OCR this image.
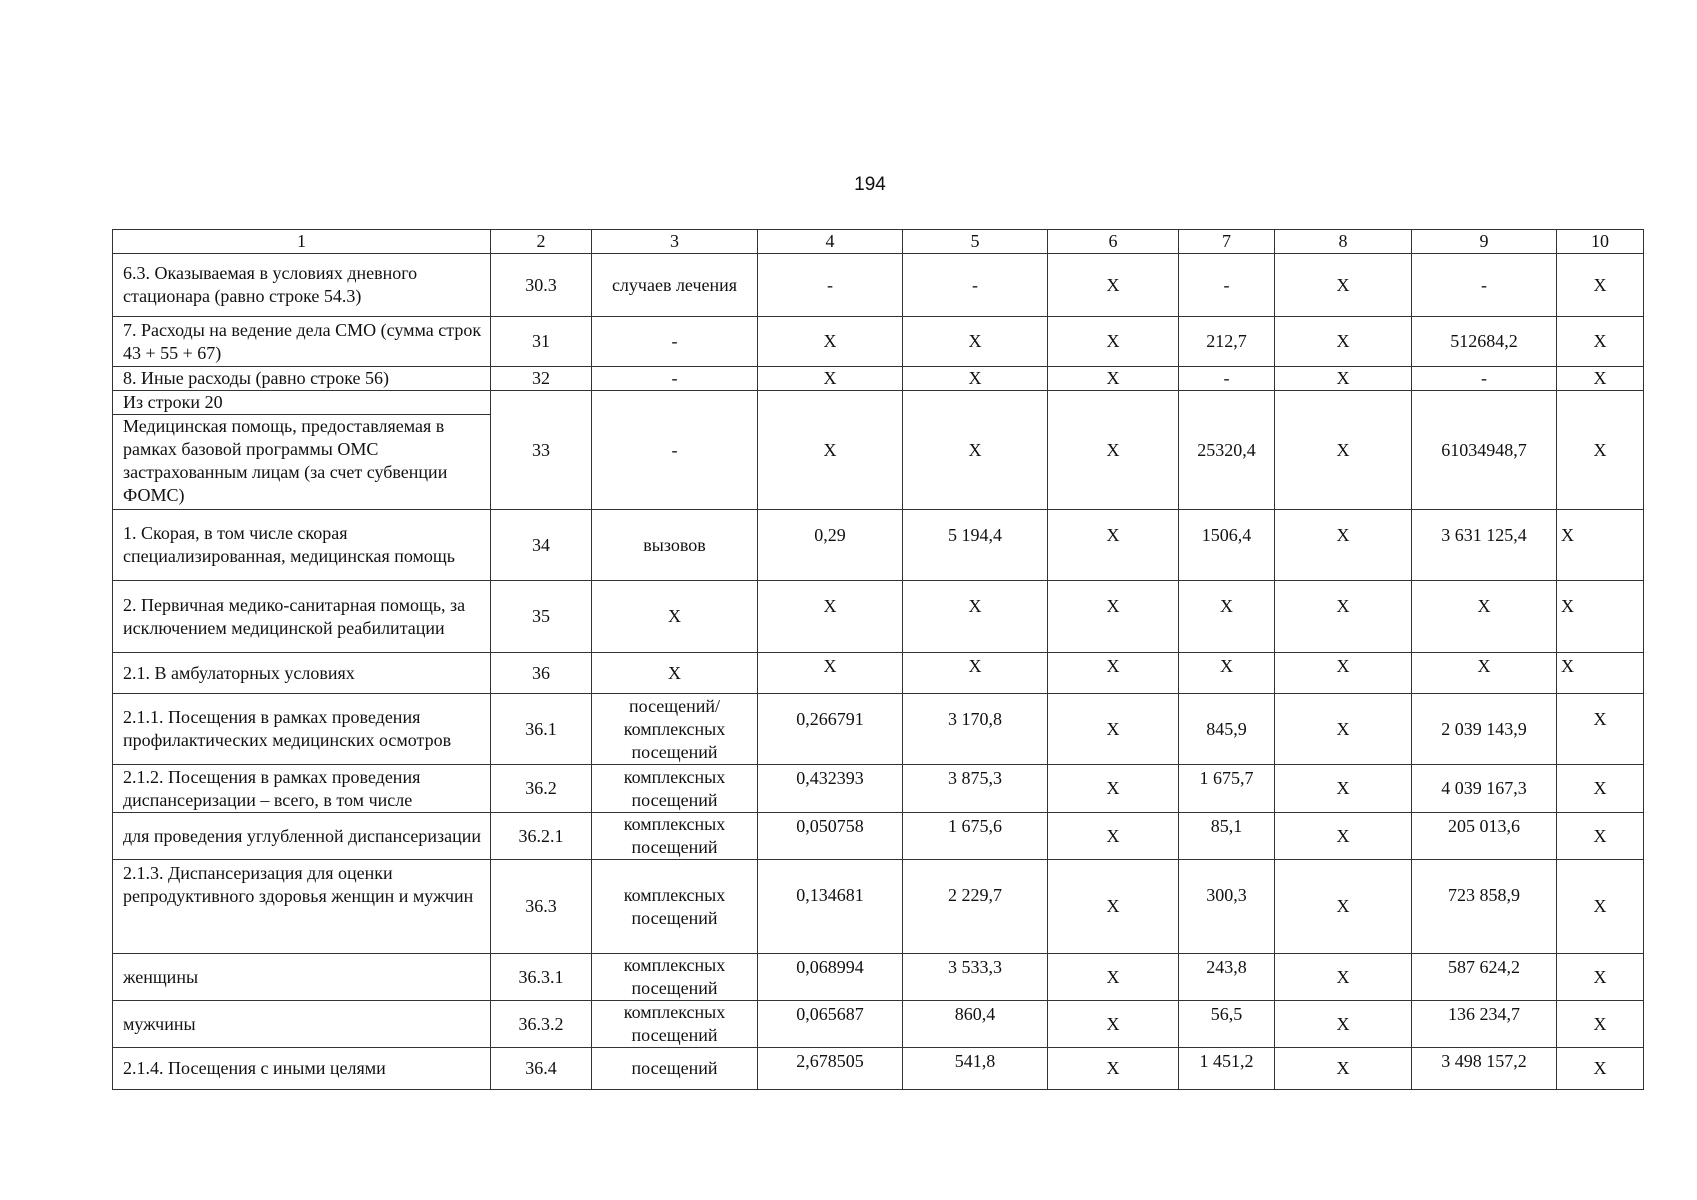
194
1	2	3	4	5	6	7	8	9	10
6.3. Оказываемая в условиях дневного стационара (равно строке 54.3)	30.3	случаев лечения	-	-	Х	-	Х	-	Х
7. Расходы на ведение дела СМО (сумма строк 43 + 55 + 67)	31	-	Х	Х	Х	212,7	Х	512684,2	Х
8. Иные расходы (равно строке 56)	32	-	Х	Х	Х	-	Х	-	Х

Из строки 20
Медицинская помощь, предоставляемая в рамках базовой программы ОМС застрахованным лицам (за счет субвенции ФОМС)	33	-	Х	Х	Х	25320,4	Х	61034948,7	Х
1. Скорая, в том числе скорая специализированная, медицинская помощь	34	вызовов	0,29	5 194,4	Х	1506,4	Х	3 631 125,4	Х
2. Первичная медико-санитарная помощь, за исключением медицинской реабилитации	35	Х	Х	Х	Х	Х	Х	Х	Х
2.1. В амбулаторных условиях	36	Х	Х	Х	Х	Х	Х	Х	Х
2.1.1. Посещения в рамках проведения профилактических медицинских осмотров	36.1	посещений/ комплексных посещений	0,266791	3 170,8	Х	845,9	Х	2 039 143,9	Х
2.1.2. Посещения в рамках проведения диспансеризации – всего, в том числе	36.2	комплексных посещений	0,432393	3 875,3	Х	1 675,7	Х	4 039 167,3	Х
для проведения углубленной диспансеризации	36.2.1	комплексных посещений	0,050758	1 675,6	Х	85,1	Х	205 013,6	Х
2.1.3. Диспансеризация для оценки репродуктивного здоровья женщин и мужчин	36.3	комплексных посещений	0,134681	2 229,7	Х	300,3	Х	723 858,9	Х
женщины	36.3.1	комплексных посещений	0,068994	3 533,3	Х	243,8	Х	587 624,2	Х
мужчины	36.3.2	комплексных посещений	0,065687	860,4	Х	56,5	Х	136 234,7	Х
2.1.4. Посещения с иными целями	36.4	посещений	2,678505	541,8	Х	1 451,2	Х	3 498 157,2	Х
